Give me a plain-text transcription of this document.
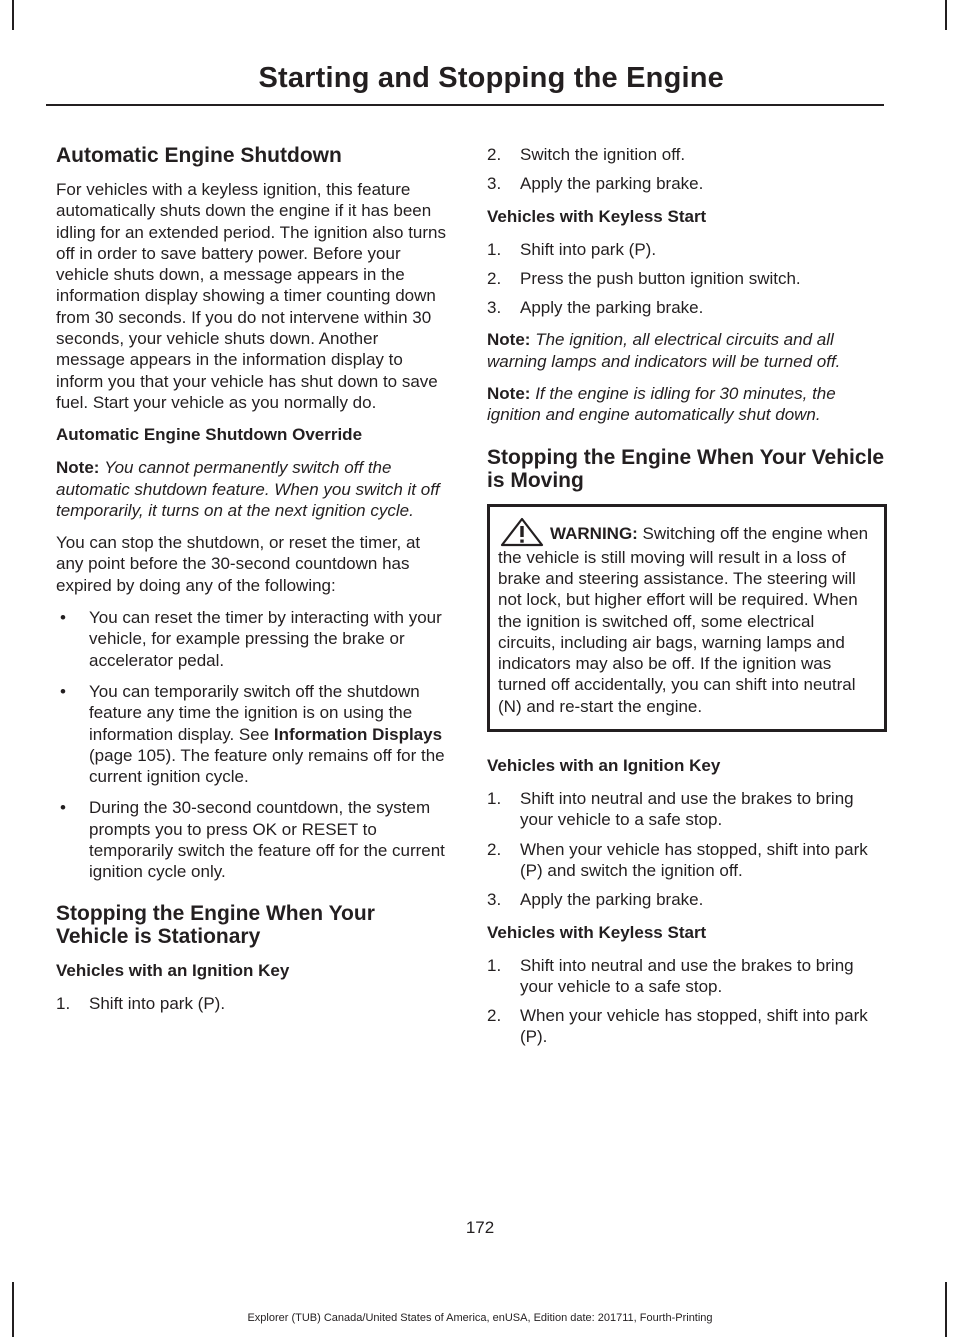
Starting and Stopping the Engine
Automatic Engine Shutdown

For vehicles with a keyless ignition, this feature automatically shuts down the engine if it has been idling for an extended period. The ignition also turns off in order to save battery power. Before your vehicle shuts down, a message appears in the information display showing a timer counting down from 30 seconds. If you do not intervene within 30 seconds, your vehicle shuts down. Another message appears in the information display to inform you that your vehicle has shut down to save fuel. Start your vehicle as you normally do.

Automatic Engine Shutdown Override

Note: You cannot permanently switch off the automatic shutdown feature. When you switch it off temporarily, it turns on at the next ignition cycle.

You can stop the shutdown, or reset the timer, at any point before the 30-second countdown has expired by doing any of the following:

• You can reset the timer by interacting with your vehicle, for example pressing the brake or accelerator pedal.
• You can temporarily switch off the shutdown feature any time the ignition is on using the information display. See Information Displays (page 105). The feature only remains off for the current ignition cycle.
• During the 30-second countdown, the system prompts you to press OK or RESET to temporarily switch the feature off for the current ignition cycle only.
Stopping the Engine When Your Vehicle is Stationary
Vehicles with an Ignition Key
1. Shift into park (P).
2. Switch the ignition off.
3. Apply the parking brake.
Vehicles with Keyless Start
1. Shift into park (P).
2. Press the push button ignition switch.
3. Apply the parking brake.

Note: The ignition, all electrical circuits and all warning lamps and indicators will be turned off.

Note: If the engine is idling for 30 minutes, the ignition and engine automatically shut down.

Stopping the Engine When Your Vehicle is Moving
WARNING: Switching off the engine when the vehicle is still moving will result in a loss of brake and steering assistance. The steering will not lock, but higher effort will be required. When the ignition is switched off, some electrical circuits, including air bags, warning lamps and indicators may also be off. If the ignition was turned off accidentally, you can shift into neutral (N) and re-start the engine.
Vehicles with an Ignition Key
1. Shift into neutral and use the brakes to bring your vehicle to a safe stop.
2. When your vehicle has stopped, shift into park (P) and switch the ignition off.
3. Apply the parking brake.
Vehicles with Keyless Start
1. Shift into neutral and use the brakes to bring your vehicle to a safe stop.
2. When your vehicle has stopped, shift into park (P).
172
Explorer (TUB) Canada/United States of America, enUSA, Edition date: 201711, Fourth-Printing
